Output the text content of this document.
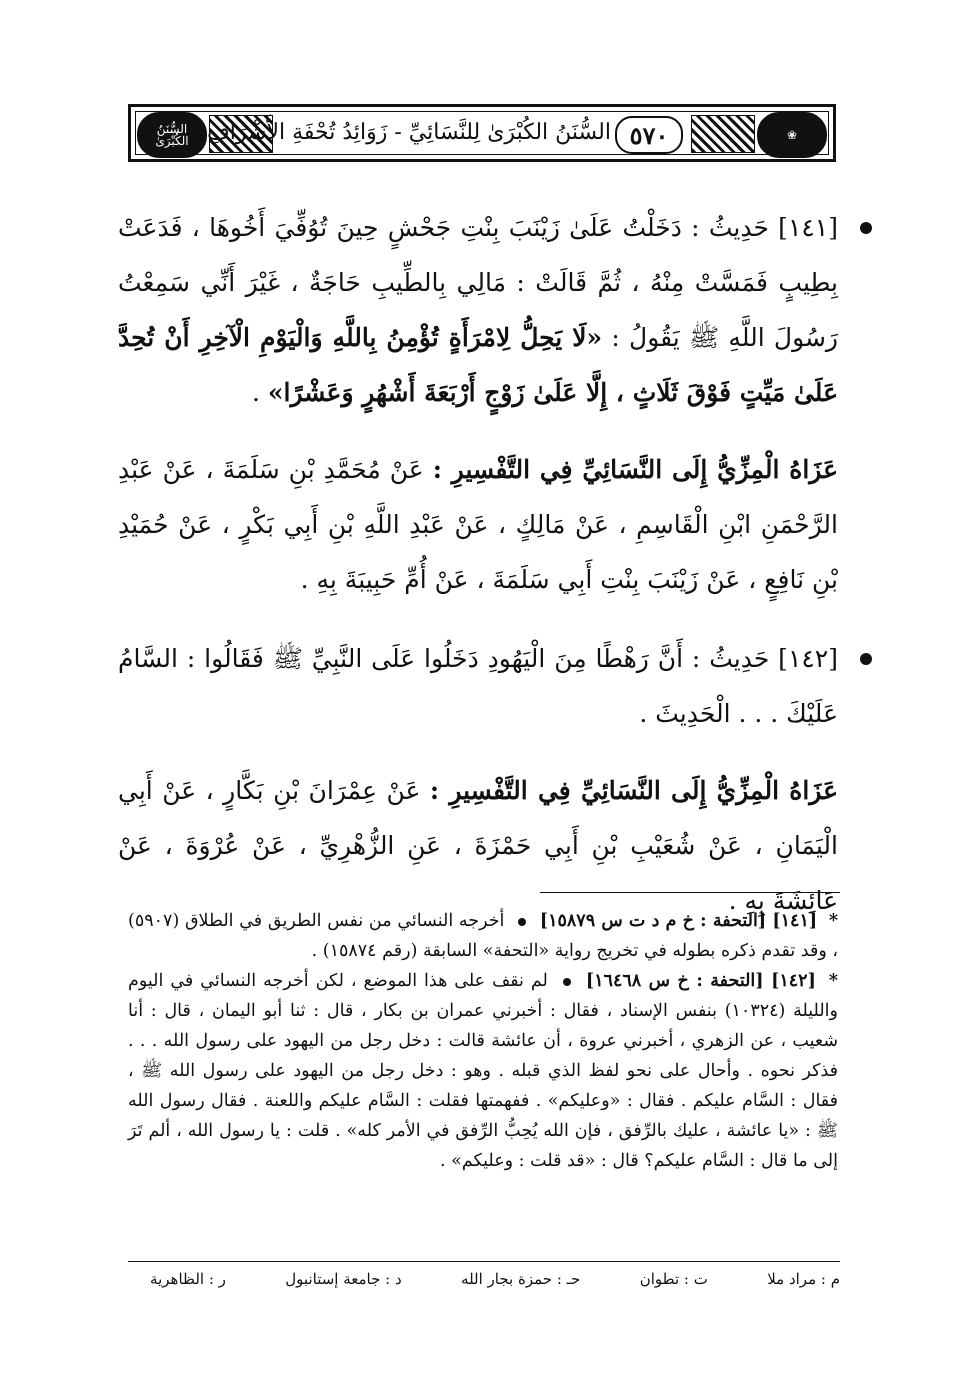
السُّنَنُ الكُبْرَىٰ السُّنَنُ الكُبْرَىٰ لِلنَّسَائِيِّ - زَوَائِدُ تُحْفَةِ الأَشْرَافِ ٥٧٠	❀

[١٤١] حَدِيثُ : دَخَلْتُ عَلَىٰ زَيْنَبَ بِنْتِ جَحْشٍ حِينَ تُوُفِّيَ أَخُوهَا ، فَدَعَتْ بِطِيبٍ فَمَسَّتْ مِنْهُ ، ثُمَّ قَالَتْ : مَالِي بِالطِّيبِ حَاجَةٌ ، غَيْرَ أَنِّي سَمِعْتُ رَسُولَ اللَّهِ ﷺ يَقُولُ : «لَا يَحِلُّ لِامْرَأَةٍ تُؤْمِنُ بِاللَّهِ وَالْيَوْمِ الْآخِرِ أَنْ تُحِدَّ عَلَىٰ مَيِّتٍ فَوْقَ ثَلَاثٍ ، إِلَّا عَلَىٰ زَوْجٍ أَرْبَعَةَ أَشْهُرٍ وَعَشْرًا» .

عَزَاهُ الْمِزِّيُّ إِلَى النَّسَائِيِّ فِي التَّفْسِيرِ : عَنْ مُحَمَّدِ بْنِ سَلَمَةَ ، عَنْ عَبْدِ الرَّحْمَنِ ابْنِ الْقَاسِمِ ، عَنْ مَالِكٍ ، عَنْ عَبْدِ اللَّهِ بْنِ أَبِي بَكْرٍ ، عَنْ حُمَيْدِ بْنِ نَافِعٍ ، عَنْ زَيْنَبَ بِنْتِ أَبِي سَلَمَةَ ، عَنْ أُمِّ حَبِيبَةَ بِهِ .

[١٤٢] حَدِيثُ : أَنَّ رَهْطًا مِنَ الْيَهُودِ دَخَلُوا عَلَى النَّبِيِّ ﷺ فَقَالُوا : السَّامُ عَلَيْكَ . . . الْحَدِيثَ .

عَزَاهُ الْمِزِّيُّ إِلَى النَّسَائِيِّ فِي التَّفْسِيرِ : عَنْ عِمْرَانَ بْنِ بَكَّارٍ ، عَنْ أَبِي الْيَمَانِ ، عَنْ شُعَيْبِ بْنِ أَبِي حَمْزَةَ ، عَنِ الزُّهْرِيِّ ، عَنْ عُرْوَةَ ، عَنْ عَائِشَةَ بِهِ .

* [١٤١] [التحفة : خ م د ت س ١٥٨٧٩]  أخرجه النسائي من نفس الطريق في الطلاق (٥٩٠٧) ، وقد تقدم ذكره بطوله في تخريج رواية «التحفة» السابقة (رقم ١٥٨٧٤) .

* [١٤٢] [التحفة : خ س ١٦٤٦٨]  لم نقف على هذا الموضع ، لكن أخرجه النسائي في اليوم والليلة (١٠٣٢٤) بنفس الإسناد ، فقال : أخبرني عمران بن بكار ، قال : ثنا أبو اليمان ، قال : أنا شعيب ، عن الزهري ، أخبرني عروة ، أن عائشة قالت : دخل رجل من اليهود على رسول الله . . . فذكر نحوه . وأحال على نحو لفظ الذي قبله . وهو : دخل رجل من اليهود على رسول الله ﷺ ، فقال : السَّام عليكم . فقال : «وعليكم» . ففهمتها فقلت : السَّام عليكم واللعنة . فقال رسول الله ﷺ : «يا عائشة ، عليك بالرِّفق ، فإن الله يُحِبُّ الرِّفق في الأمر كله» . قلت : يا رسول الله ، ألم تَرَ إلى ما قال : السَّام عليكم؟ قال : «قد قلت : وعليكم» .

م : مراد ملا
ت : تطوان
حـ : حمزة بجار الله
د : جامعة إستانبول
ر : الظاهرية
